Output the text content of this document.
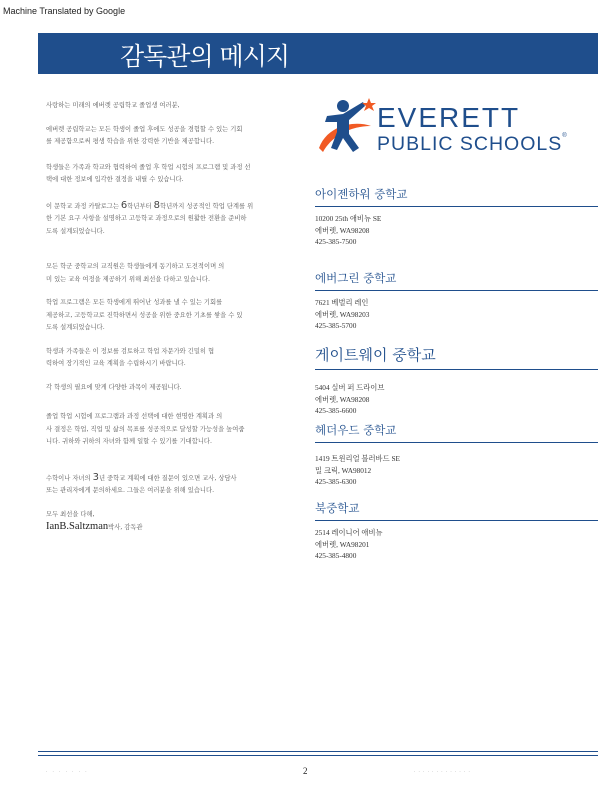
Machine Translated by Google
감독관의 메시지

사랑하는 미래의 에버렛 공립학교 졸업생 여러분,

에버렛 공립학교는 모든 학생이 졸업 후에도 성공을 경험할 수 있는 기회

를 제공함으로써 평생 학습을 위한 강력한 기반을 제공합니다.

학생들은 가족과 학교와 협력하여 졸업 후 학업 시험의 프로그램 및 과정 선

택에 대한 정보에 입각한 결정을 내릴 수 있습니다.

이 문학교 과정 카탈로그는 6학년부터 8학년까지 성공적인 학업 단계를 위

한 기본 요구 사항을 설명하고 고등학교 과정으로의 원활한 전환을 준비하

도록 설계되었습니다.

모든 학군 중학교의 교직원은 학생들에게 동기하고 도전적이며 의

미 있는 교육 여정을 제공하기 위해 최선을 다하고 있습니다.

학업 프로그램은 모든 학생에게 뛰어난 성과를 낼 수 있는 기회를

제공하고, 고등학교로 진학하면서 성공을 위한 중요한 기초를 쌓을 수 있

도록 설계되었습니다.

학생과 가족들은 이 정보를 검토하고 학업 자문가와 긴밀히 협

력하여 장기적인 교육 계획을 수립하시기 바랍니다.

각 학생의 필요에 맞게 다양한 과목이 제공됩니다.

졸업 학업 시험에 프로그램과 과정 선택에 대한 현명한 계획과 의

사 결정은 학업, 직업 및 삶의 목표를 성공적으로 달성할 가능성을 높여줍

니다. 귀하와 귀하의 자녀와 함께 일할 수 있기를 기대합니다.

수학이나 자녀의 3년 중학교 계획에 대한 질문이 있으면 교사, 상담사

또는 관리자에게 문의하세요. 그들은 여러분을 위해 있습니다.

모두 최선을 다해,

IanB.Saltzman박사, 감독관

EVERETT
PUBLIC SCHOOLS®
아이젠하워 중학교
10200 25th 애비뉴 SE
에버렛, WA98208
425-385-7500
에버그린 중학교
7621 베벌리 레인
에버렛, WA98203
425-385-5700
게이트웨이 중학교
5404 실버 퍼 드라이브
에버렛, WA98208
425-385-6600
헤더우드 중학교
1419 트윈리얼 블러바드 SE
밀 크릭, WA98012
425-385-6300
북중학교
2514 레이니어 애비뉴
에버렛, WA98201
425-385-4800
· · · · · · ·	2	· · · · · · · · · · · · ·
